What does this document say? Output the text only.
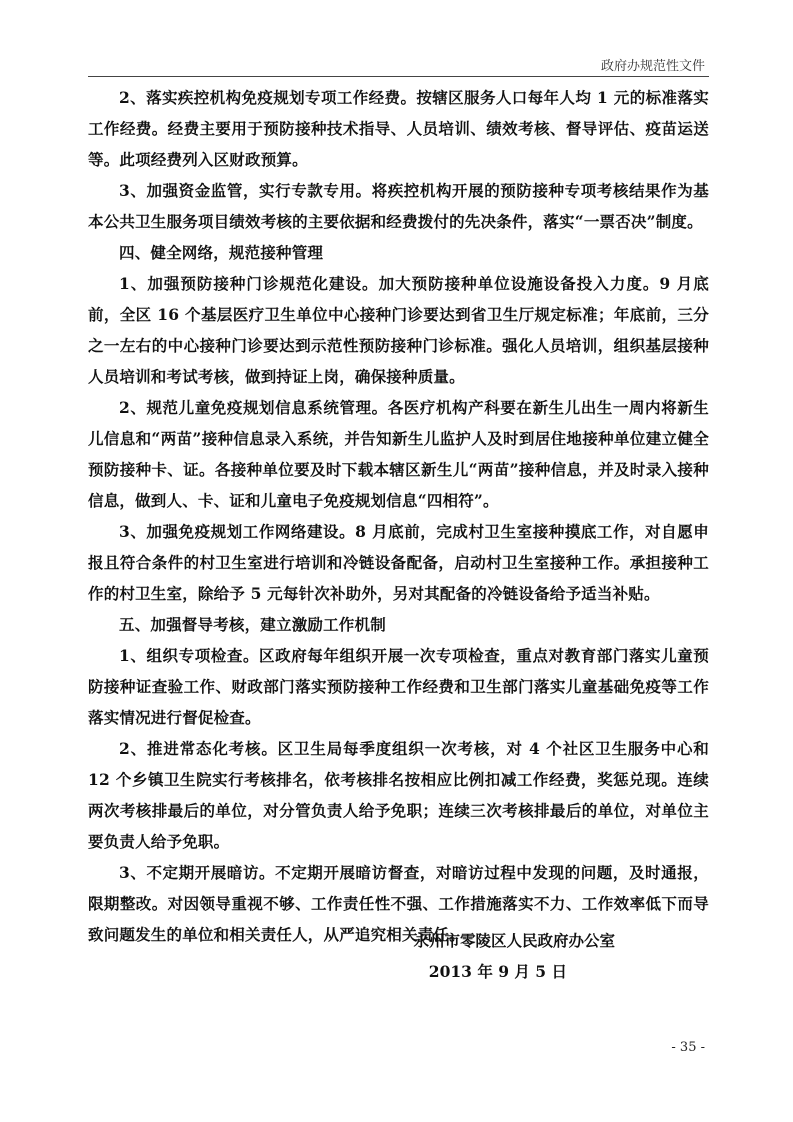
政府办规范性文件

2、落实疾控机构免疫规划专项工作经费。按辖区服务人口每年人均 1 元的标准落实工作经费。经费主要用于预防接种技术指导、人员培训、绩效考核、督导评估、疫苗运送等。此项经费列入区财政预算。

3、加强资金监管，实行专款专用。将疾控机构开展的预防接种专项考核结果作为基本公共卫生服务项目绩效考核的主要依据和经费拨付的先决条件，落实“一票否决”制度。

四、健全网络，规范接种管理

1、加强预防接种门诊规范化建设。加大预防接种单位设施设备投入力度。9 月底前，全区 16 个基层医疗卫生单位中心接种门诊要达到省卫生厅规定标准；年底前，三分之一左右的中心接种门诊要达到示范性预防接种门诊标准。强化人员培训，组织基层接种人员培训和考试考核，做到持证上岗，确保接种质量。

2、规范儿童免疫规划信息系统管理。各医疗机构产科要在新生儿出生一周内将新生儿信息和“两苗”接种信息录入系统，并告知新生儿监护人及时到居住地接种单位建立健全预防接种卡、证。各接种单位要及时下载本辖区新生儿“两苗”接种信息，并及时录入接种信息，做到人、卡、证和儿童电子免疫规划信息“四相符”。

3、加强免疫规划工作网络建设。8 月底前，完成村卫生室接种摸底工作，对自愿申报且符合条件的村卫生室进行培训和冷链设备配备，启动村卫生室接种工作。承担接种工作的村卫生室，除给予 5 元每针次补助外，另对其配备的冷链设备给予适当补贴。

五、加强督导考核，建立激励工作机制

1、组织专项检查。区政府每年组织开展一次专项检查，重点对教育部门落实儿童预防接种证查验工作、财政部门落实预防接种工作经费和卫生部门落实儿童基础免疫等工作落实情况进行督促检查。

2、推进常态化考核。区卫生局每季度组织一次考核，对 4 个社区卫生服务中心和 12 个乡镇卫生院实行考核排名，依考核排名按相应比例扣减工作经费，奖惩兑现。连续两次考核排最后的单位，对分管负责人给予免职；连续三次考核排最后的单位，对单位主要负责人给予免职。

3、不定期开展暗访。不定期开展暗访督查，对暗访过程中发现的问题，及时通报，限期整改。对因领导重视不够、工作责任性不强、工作措施落实不力、工作效率低下而导致问题发生的单位和相关责任人，从严追究相关责任。

永州市零陵区人民政府办公室
2013 年 9 月 5 日
- 35 -
